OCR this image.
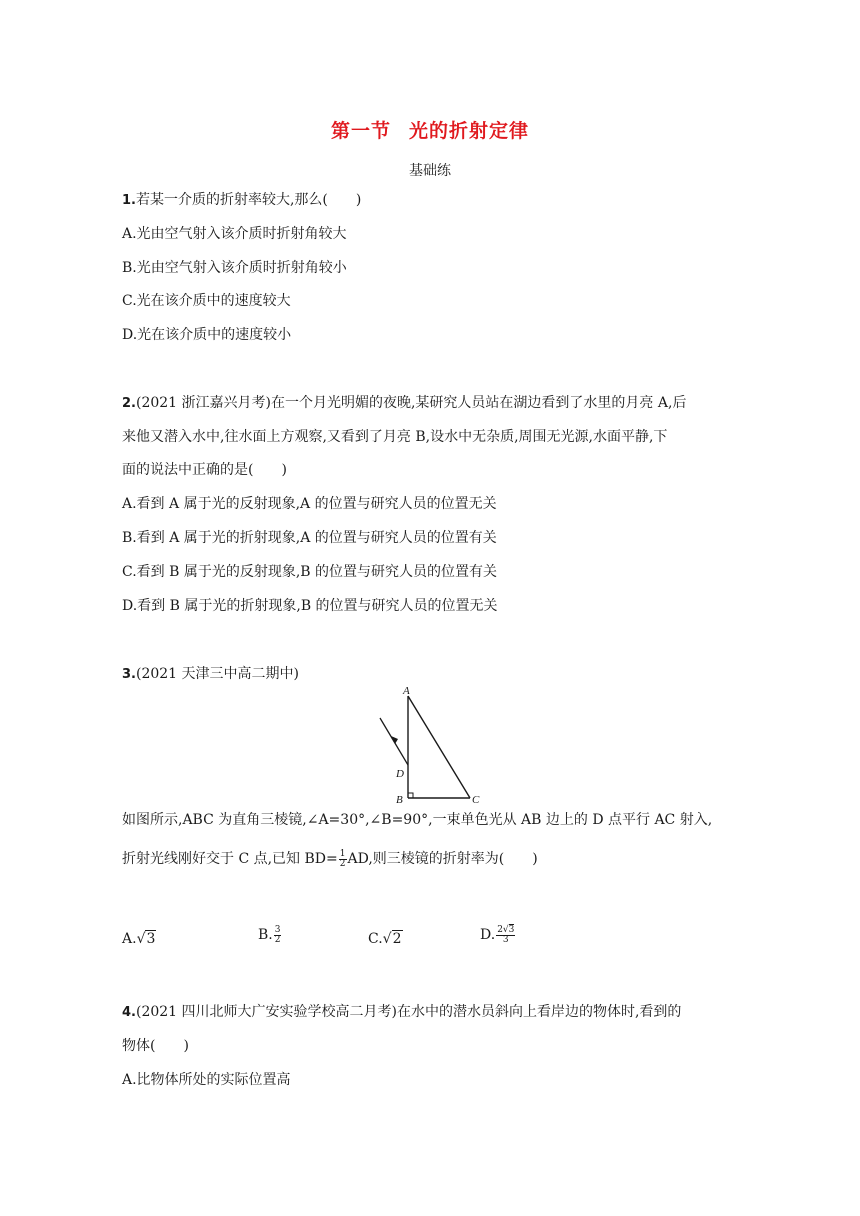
第一节 光的折射定律
基础练
1.若某一介质的折射率较大,那么(　　)
A.光由空气射入该介质时折射角较大
B.光由空气射入该介质时折射角较小
C.光在该介质中的速度较大
D.光在该介质中的速度较小
2.(2021 浙江嘉兴月考)在一个月光明媚的夜晚,某研究人员站在湖边看到了水里的月亮 A,后
来他又潜入水中,往水面上方观察,又看到了月亮 B,设水中无杂质,周围无光源,水面平静,下
面的说法中正确的是(　　)
A.看到 A 属于光的反射现象,A 的位置与研究人员的位置无关
B.看到 A 属于光的折射现象,A 的位置与研究人员的位置有关
C.看到 B 属于光的反射现象,B 的位置与研究人员的位置有关
D.看到 B 属于光的折射现象,B 的位置与研究人员的位置无关
3.(2021 天津三中高二期中)
A
D
B	C
如图所示,ABC 为直角三棱镜,∠A=30°,∠B=90°,一束单色光从 AB 边上的 D 点平行 AC 射入,
折射光线刚好交于 C 点,已知 $BD= \frac{1}{2}$ AD,则三棱镜的折射率为(　　)
A.√3	B. $\frac{3}{2}$	C.√2	D. $\frac{2√3}{3}$
4.(2021 四川北师大广安实验学校高二月考)在水中的潜水员斜向上看岸边的物体时,看到的
物体(　　)
A.比物体所处的实际位置高
